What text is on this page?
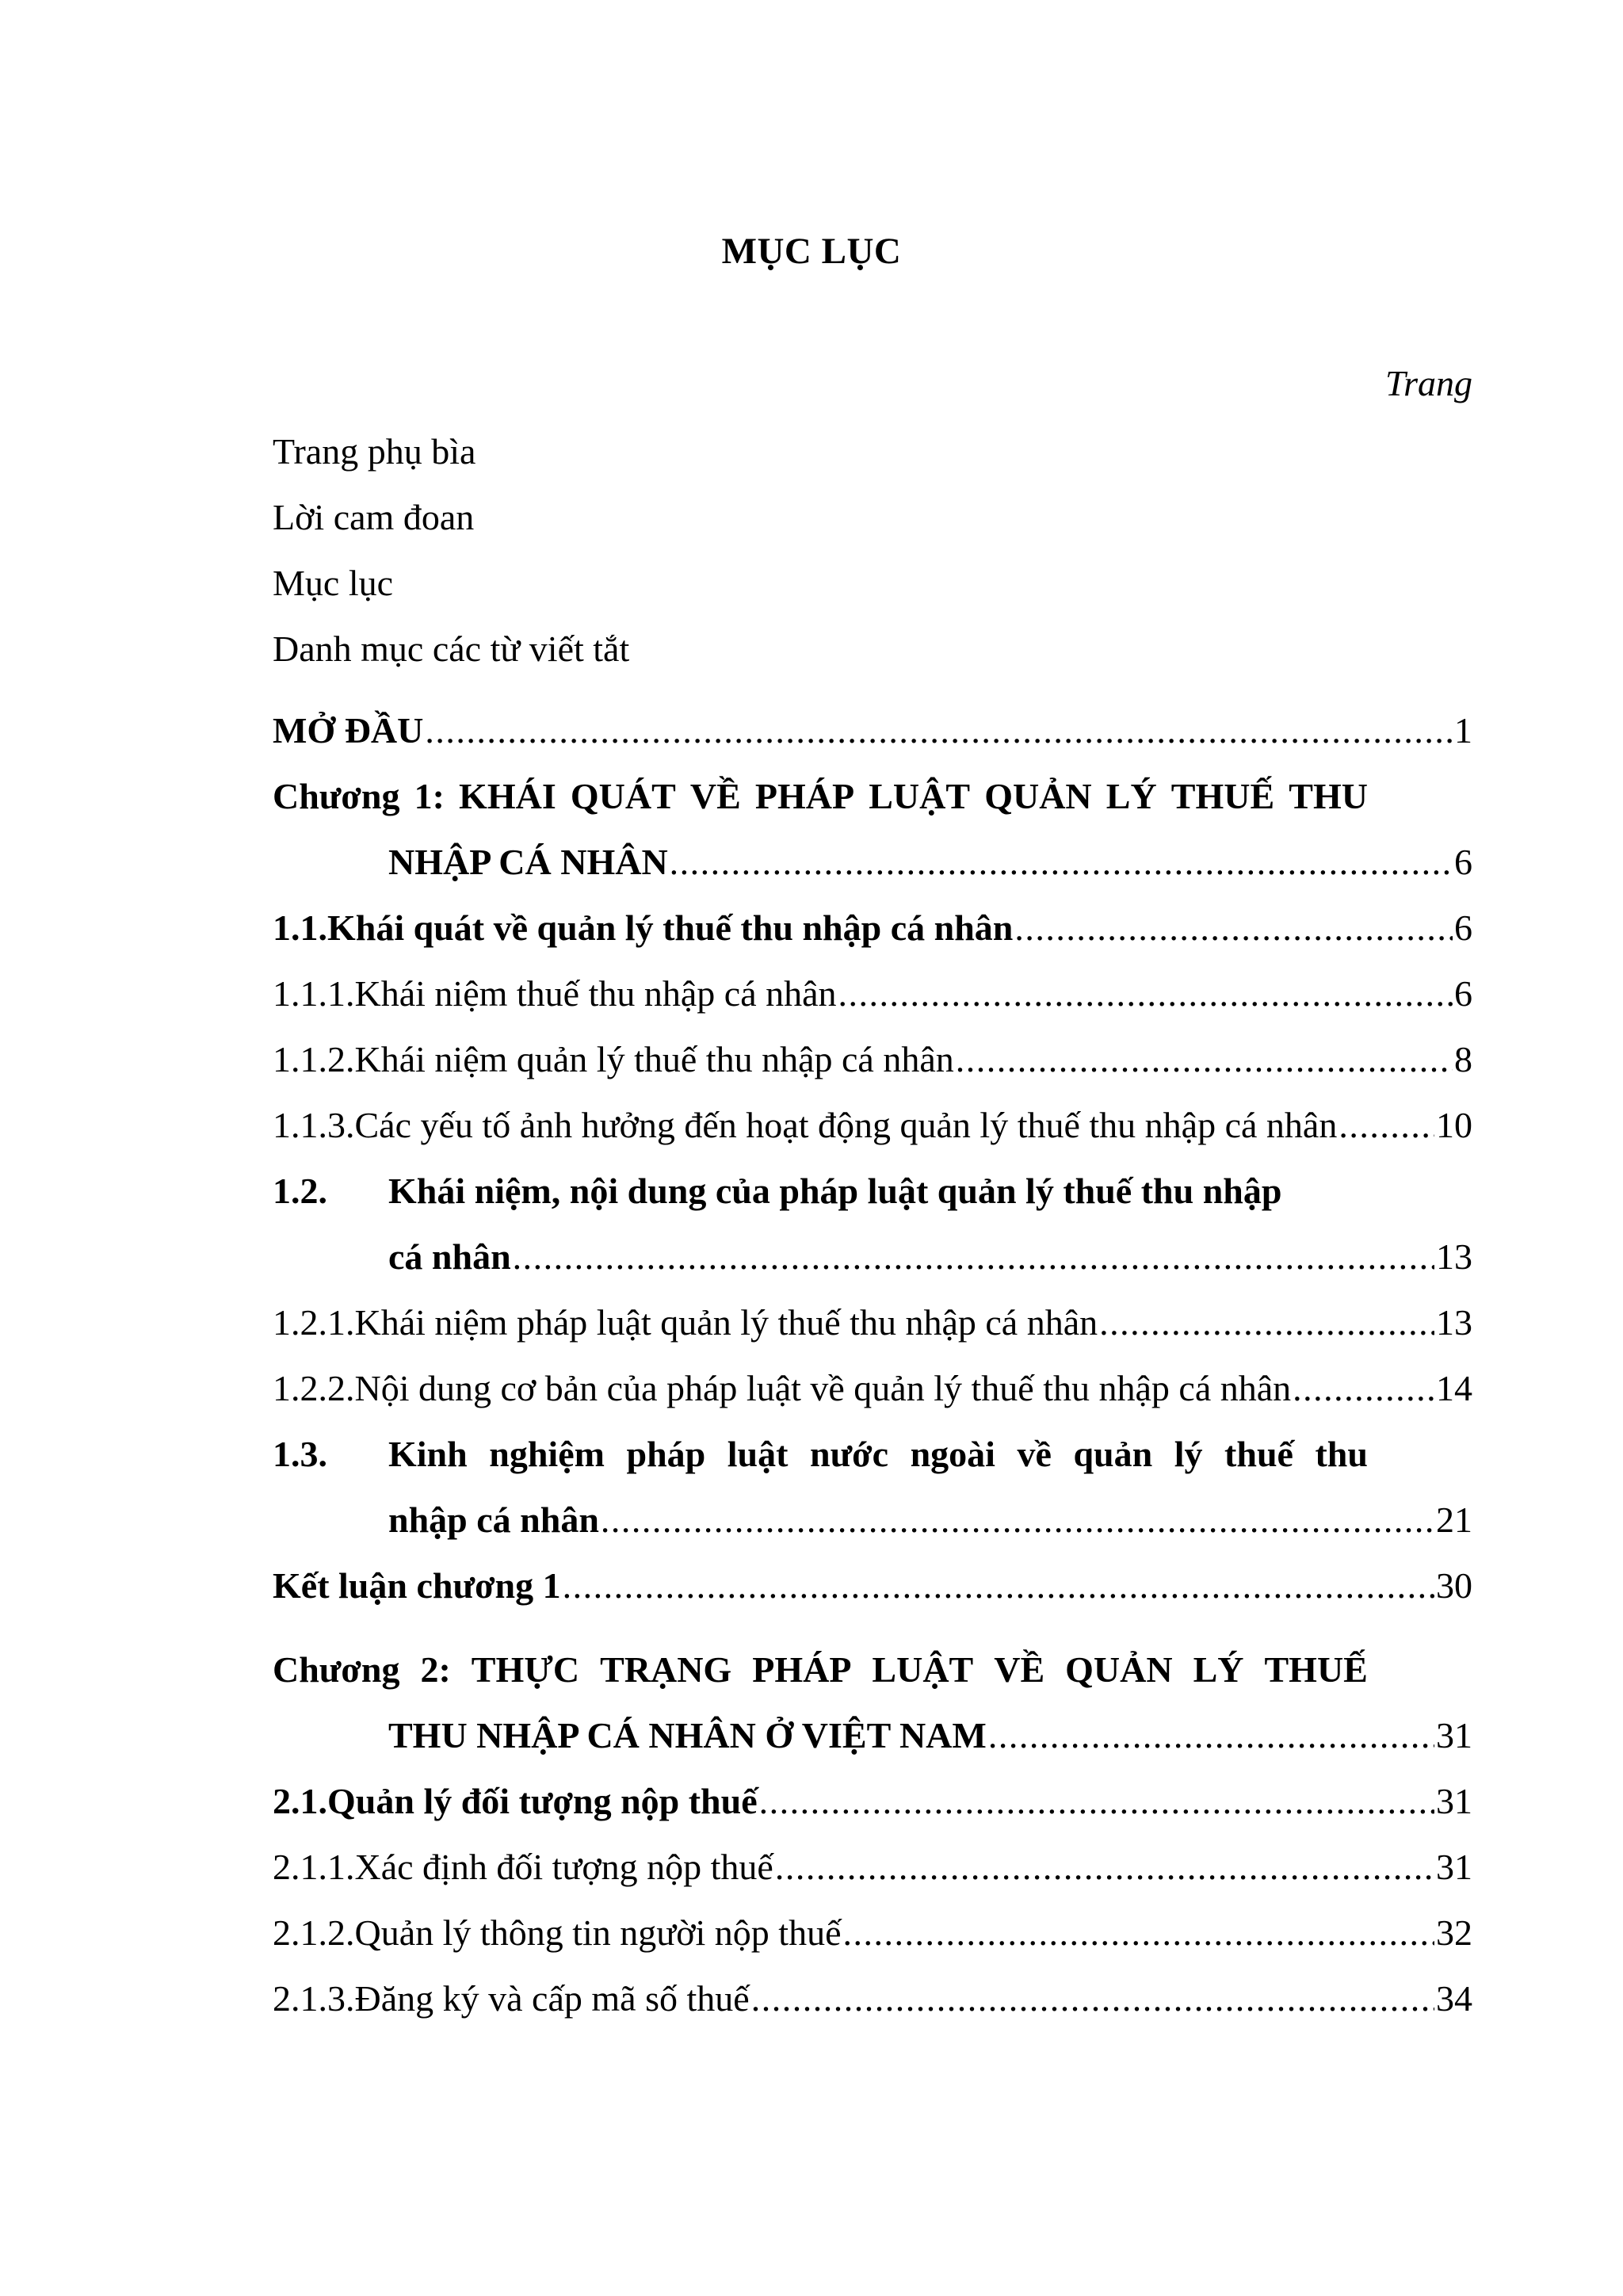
MỤC LỤC
Trang
Trang phụ bìa
Lời cam đoan
Mục lục
Danh mục các từ viết tắt
MỞ ĐẦU .....	1
Chương 1: KHÁI QUÁT VỀ PHÁP LUẬT QUẢN LÝ THUẾ THU
NHẬP CÁ NHÂN .....	6
1.1. Khái quát về quản lý thuế thu nhập cá nhân .....	6
1.1.1. Khái niệm thuế thu nhập cá nhân .....	6
1.1.2. Khái niệm quản lý thuế thu nhập cá nhân .....	8
1.1.3. Các yếu tố ảnh hưởng đến hoạt động quản lý thuế thu nhập cá nhân .....	10
1.2. Khái niệm, nội dung của pháp luật quản lý thuế thu nhập
cá nhân .....	13
1.2.1. Khái niệm pháp luật quản lý thuế thu nhập cá nhân .....	13
1.2.2. Nội dung cơ bản của pháp luật về quản lý thuế thu nhập cá nhân .....	14
1.3. Kinh nghiệm pháp luật nước ngoài về quản lý thuế thu
nhập cá nhân .....	21
Kết luận chương 1 .....	30
Chương 2: THỰC TRẠNG PHÁP LUẬT VỀ QUẢN LÝ THUẾ
THU NHẬP CÁ NHÂN Ở VIỆT NAM .....	31
2.1. Quản lý đối tượng nộp thuế .....	31
2.1.1. Xác định đối tượng nộp thuế .....	31
2.1.2. Quản lý thông tin người nộp thuế .....	32
2.1.3. Đăng ký và cấp mã số thuế .....	34
